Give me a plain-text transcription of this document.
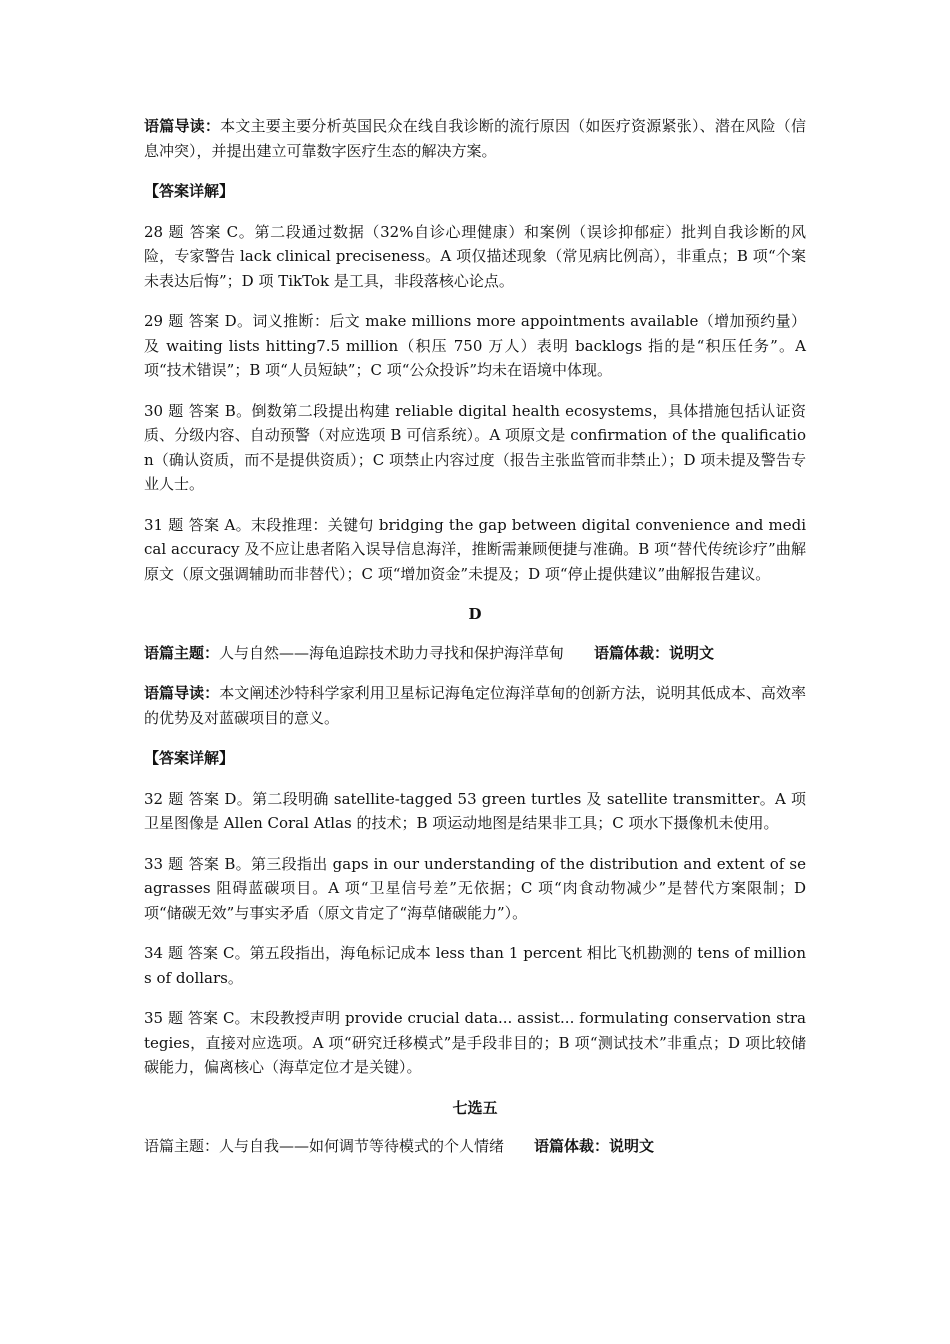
语篇导读：本文主要主要分析英国民众在线自我诊断的流行原因（如医疗资源紧张）、潜在风险（信息冲突），并提出建立可靠数字医疗生态的解决方案。

【答案详解】

28 题 答案 C。第二段通过数据（32%自诊心理健康）和案例（误诊抑郁症）批判自我诊断的风险，专家警告 lack clinical preciseness。A 项仅描述现象（常见病比例高），非重点；B 项“个案未表达后悔”；D 项 TikTok 是工具，非段落核心论点。

29 题 答案 D。词义推断：后文 make millions more appointments available（增加预约量）及 waiting lists hitting7.5 million（积压 750 万人）表明 backlogs 指的是“积压任务”。A 项“技术错误”；B 项“人员短缺”；C 项“公众投诉”均未在语境中体现。

30 题 答案 B。倒数第二段提出构建 reliable digital health ecosystems，具体措施包括认证资质、分级内容、自动预警（对应选项 B 可信系统）。A 项原文是 confirmation of the qualification（确认资质，而不是提供资质）；C 项禁止内容过度（报告主张监管而非禁止）；D 项未提及警告专业人士。

31 题 答案 A。末段推理：关键句 bridging the gap between digital convenience and medical accuracy 及不应让患者陷入误导信息海洋，推断需兼顾便捷与准确。B 项“替代传统诊疗”曲解原文（原文强调辅助而非替代）；C 项“增加资金”未提及；D 项“停止提供建议”曲解报告建议。

D

语篇主题：人与自然——海龟追踪技术助力寻找和保护海洋草甸 语篇体裁：说明文

语篇导读：本文阐述沙特科学家利用卫星标记海龟定位海洋草甸的创新方法，说明其低成本、高效率的优势及对蓝碳项目的意义。

【答案详解】

32 题 答案 D。第二段明确 satellite-tagged 53 green turtles 及 satellite transmitter。A 项卫星图像是 Allen Coral Atlas 的技术；B 项运动地图是结果非工具；C 项水下摄像机未使用。

33 题 答案 B。第三段指出 gaps in our understanding of the distribution and extent of seagrasses 阻碍蓝碳项目。A 项“卫星信号差”无依据；C 项“肉食动物减少”是替代方案限制；D 项“储碳无效”与事实矛盾（原文肯定了“海草储碳能力”）。

34 题 答案 C。第五段指出，海龟标记成本 less than 1 percent 相比飞机勘测的 tens of millions of dollars。

35 题 答案 C。末段教授声明 provide crucial data... assist... formulating conservation strategies，直接对应选项。A 项“研究迁移模式”是手段非目的；B 项“测试技术”非重点；D 项比较储碳能力，偏离核心（海草定位才是关键）。

七选五

语篇主题：人与自我——如何调节等待模式的个人情绪 语篇体裁：说明文
